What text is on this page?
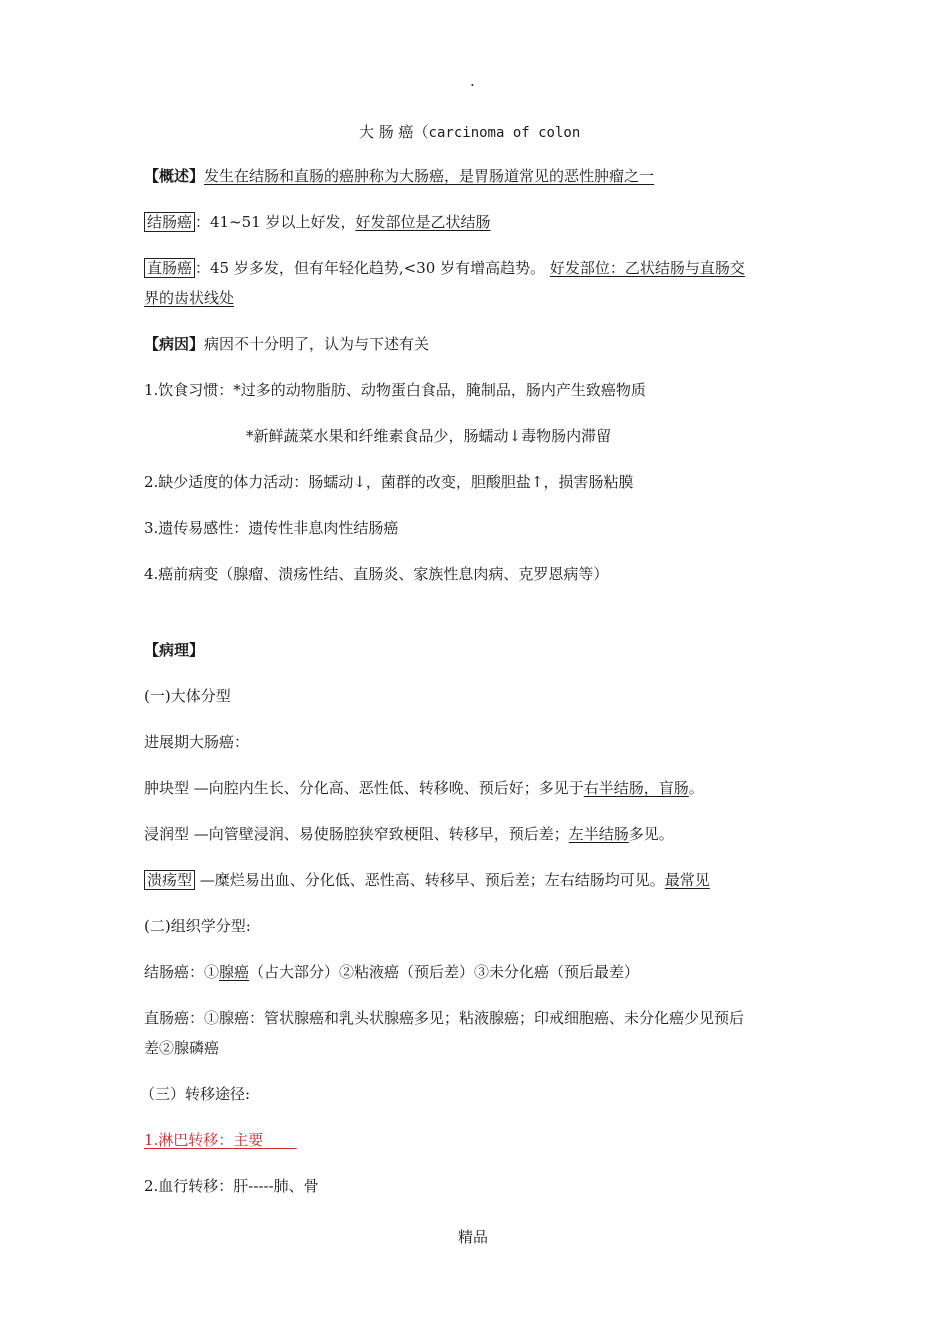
.
大 肠 癌（carcinoma of colon
【概述】发生在结肠和直肠的癌肿称为大肠癌，是胃肠道常见的恶性肿瘤之一
结肠癌 ：41~51 岁以上好发，好发部位是乙状结肠
直肠癌 ：45 岁多发，但有年轻化趋势,<30 岁有增高趋势。 好发部位：乙状结肠与直肠交
界的齿状线处
【病因】病因不十分明了，认为与下述有关
1.饮食习惯：*过多的动物脂肪、动物蛋白食品，腌制品，肠内产生致癌物质
*新鲜蔬菜水果和纤维素食品少，肠蠕动↓毒物肠内滞留
2.缺少适度的体力活动：肠蠕动↓，菌群的改变，胆酸胆盐↑，损害肠粘膜
3.遗传易感性：遗传性非息肉性结肠癌
4.癌前病变（腺瘤、溃疡性结、直肠炎、家族性息肉病、克罗恩病等）
【病理】
(一)大体分型
进展期大肠癌：
肿块型 —向腔内生长、分化高、恶性低、转移晚、预后好；多见于右半结肠，盲肠。
浸润型 —向管壁浸润、易使肠腔狭窄致梗阻、转移早，预后差；左半结肠多见。
溃疡型 —糜烂易出血、分化低、恶性高、转移早、预后差；左右结肠均可见。最常见
(二)组织学分型:
结肠癌：①腺癌（占大部分）②粘液癌（预后差）③未分化癌（预后最差）
直肠癌：①腺癌：管状腺癌和乳头状腺癌多见；粘液腺癌；印戒细胞癌、未分化癌少见预后
差②腺磷癌
（三）转移途径:
1.淋巴转移：主要
2.血行转移：肝-----肺、骨
精品
